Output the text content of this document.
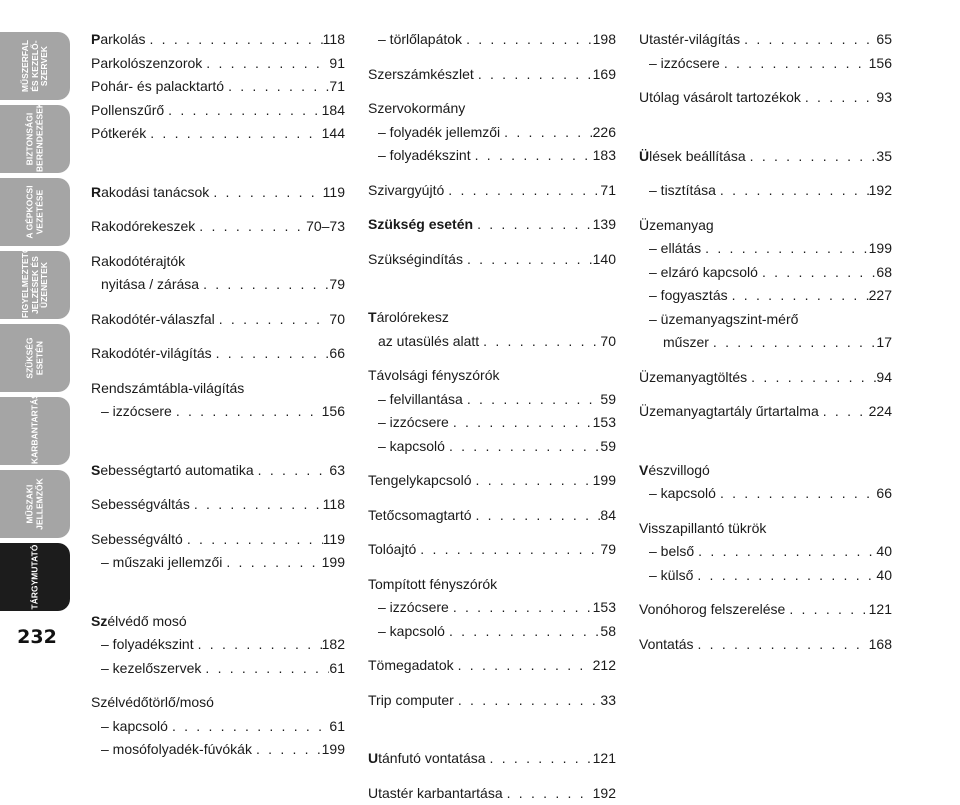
MŰSZERFAL
ÉS KEZELŐ-
SZERVEK
BIZTONSÁGI
BERENDEZÉSEK
A GÉPKOCSI
VEZETÉSE
FIGYELMEZTETŐ
JELZÉSEK ÉS
ÜZENETEK
SZÜKSÉG
ESETÉN
KARBANTARTÁS
MŰSZAKI
JELLEMZŐK
TÁRGYMUTATÓ
232
Parkolás . . .	118
Parkolószenzorok . . .	91
Pohár- és palacktartó . . .	71
Pollenszűrő . . .	184
Pótkerék . . .	144
Rakodási tanácsok . . .	119
Rakodórekeszek . . .	70–73
Rakodótérajtók
nyitása / zárása . . .	79
Rakodótér-válaszfal . . .	70
Rakodótér-világítás . . .	66
Rendszámtábla-világítás
– izzócsere . . .	156
Sebességtartó automatika . . .	63
Sebességváltás . . .	118
Sebességváltó . . .	119
– műszaki jellemzői . . .	199
Szélvédő mosó
– folyadékszint . . .	182
– kezelőszervek . . .	61
Szélvédőtörlő/mosó
– kapcsoló . . .	61
– mosófolyadék-fúvókák . . .	199
– törlőlapátok . . .	198
Szerszámkészlet . . .	169
Szervokormány
– folyadék jellemzői . . .	226
– folyadékszint . . .	183
Szivargyújtó . . .	71
Szükség esetén . . .	139
Szükségindítás . . .	140
Tárolórekesz
az utasülés alatt . . .	70
Távolsági fényszórók
– felvillantása . . .	59
– izzócsere . . .	153
– kapcsoló . . .	59
Tengelykapcsoló . . .	199
Tetőcsomagtartó . . .	84
Tolóajtó . . .	79
Tompított fényszórók
– izzócsere . . .	153
– kapcsoló . . .	58
Tömegadatok . . .	212
Trip computer . . .	33
Utánfutó vontatása . . .	121
Utastér karbantartása . . .	192
Utastér-világítás . . .	65
– izzócsere . . .	156
Utólag vásárolt tartozékok . . .	93
Ülések beállítása . . .	35
– tisztítása . . .	192
Üzemanyag
– ellátás . . .	199
– elzáró kapcsoló . . .	68
– fogyasztás . . .	227
– üzemanyagszint-mérő
műszer . . .	17
Üzemanyagtöltés . . .	94
Üzemanyagtartály űrtartalma . . .	224
Vészvillogó
– kapcsoló . . .	66
Visszapillantó tükrök
– belső . . .	40
– külső . . .	40
Vonóhorog felszerelése . . .	121
Vontatás . . .	168
